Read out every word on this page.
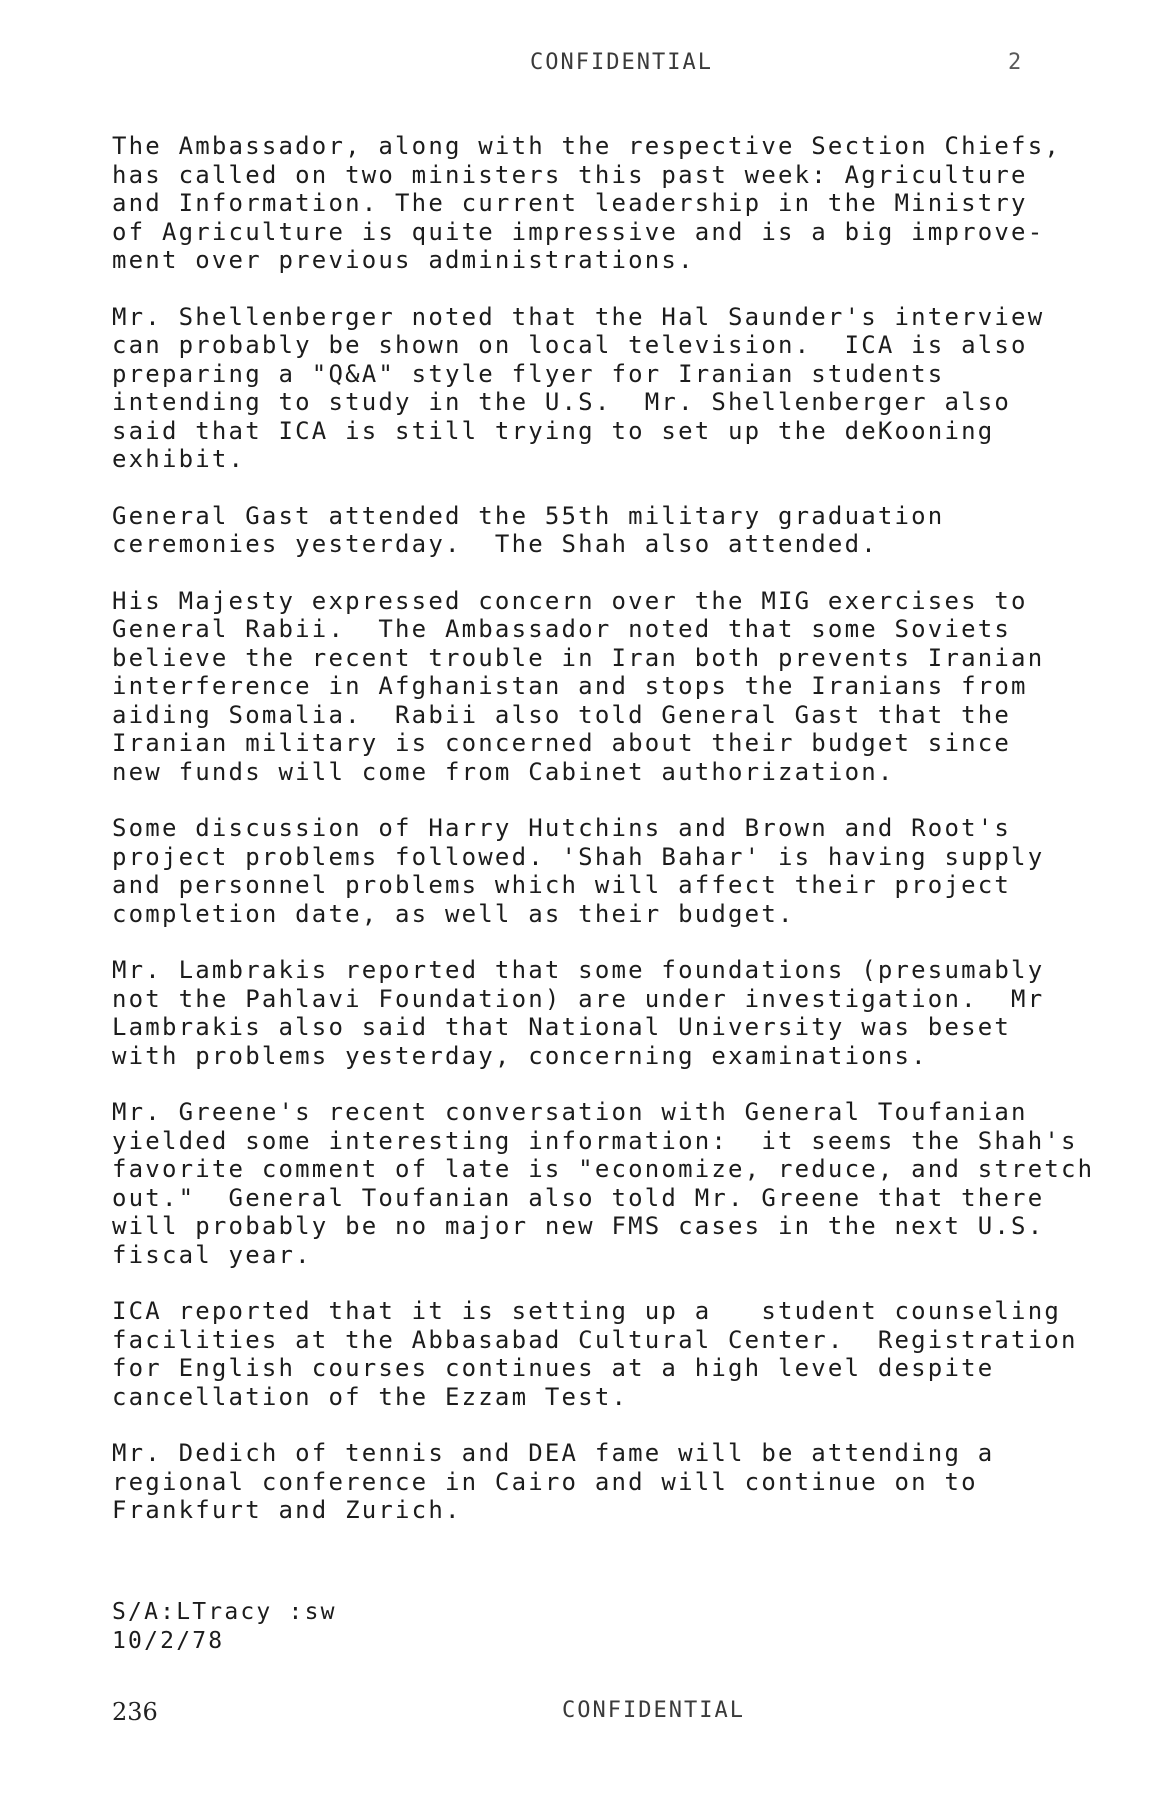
CONFIDENTIAL	2
The Ambassador, along with the respective Section Chiefs,
has called on two ministers this past week: Agriculture
and Information. The current leadership in the Ministry
of Agriculture is quite impressive and is a big improve-
ment over previous administrations.
Mr. Shellenberger noted that the Hal Saunder's interview
can probably be shown on local television.  ICA is also
preparing a "Q&A" style flyer for Iranian students
intending to study in the U.S.  Mr. Shellenberger also
said that ICA is still trying to set up the deKooning
exhibit.
General Gast attended the 55th military graduation
ceremonies yesterday.  The Shah also attended.
His Majesty expressed concern over the MIG exercises to
General Rabii.  The Ambassador noted that some Soviets
believe the recent trouble in Iran both prevents Iranian
interference in Afghanistan and stops the Iranians from
aiding Somalia.  Rabii also told General Gast that the
Iranian military is concerned about their budget since
new funds will come from Cabinet authorization.
Some discussion of Harry Hutchins and Brown and Root's
project problems followed. 'Shah Bahar' is having supply
and personnel problems which will affect their project
completion date, as well as their budget.
Mr. Lambrakis reported that some foundations (presumably
not the Pahlavi Foundation) are under investigation.  Mr
Lambrakis also said that National University was beset
with problems yesterday, concerning examinations.
Mr. Greene's recent conversation with General Toufanian
yielded some interesting information:  it seems the Shah's
favorite comment of late is "economize, reduce, and stretch
out."  General Toufanian also told Mr. Greene that there
will probably be no major new FMS cases in the next U.S.
fiscal year.
ICA reported that it is setting up a   student counseling
facilities at the Abbasabad Cultural Center.  Registration
for English courses continues at a high level despite
cancellation of the Ezzam Test.
Mr. Dedich of tennis and DEA fame will be attending a
regional conference in Cairo and will continue on to
Frankfurt and Zurich.
S/A:LTracy :sw
10/2/78
236	CONFIDENTIAL
